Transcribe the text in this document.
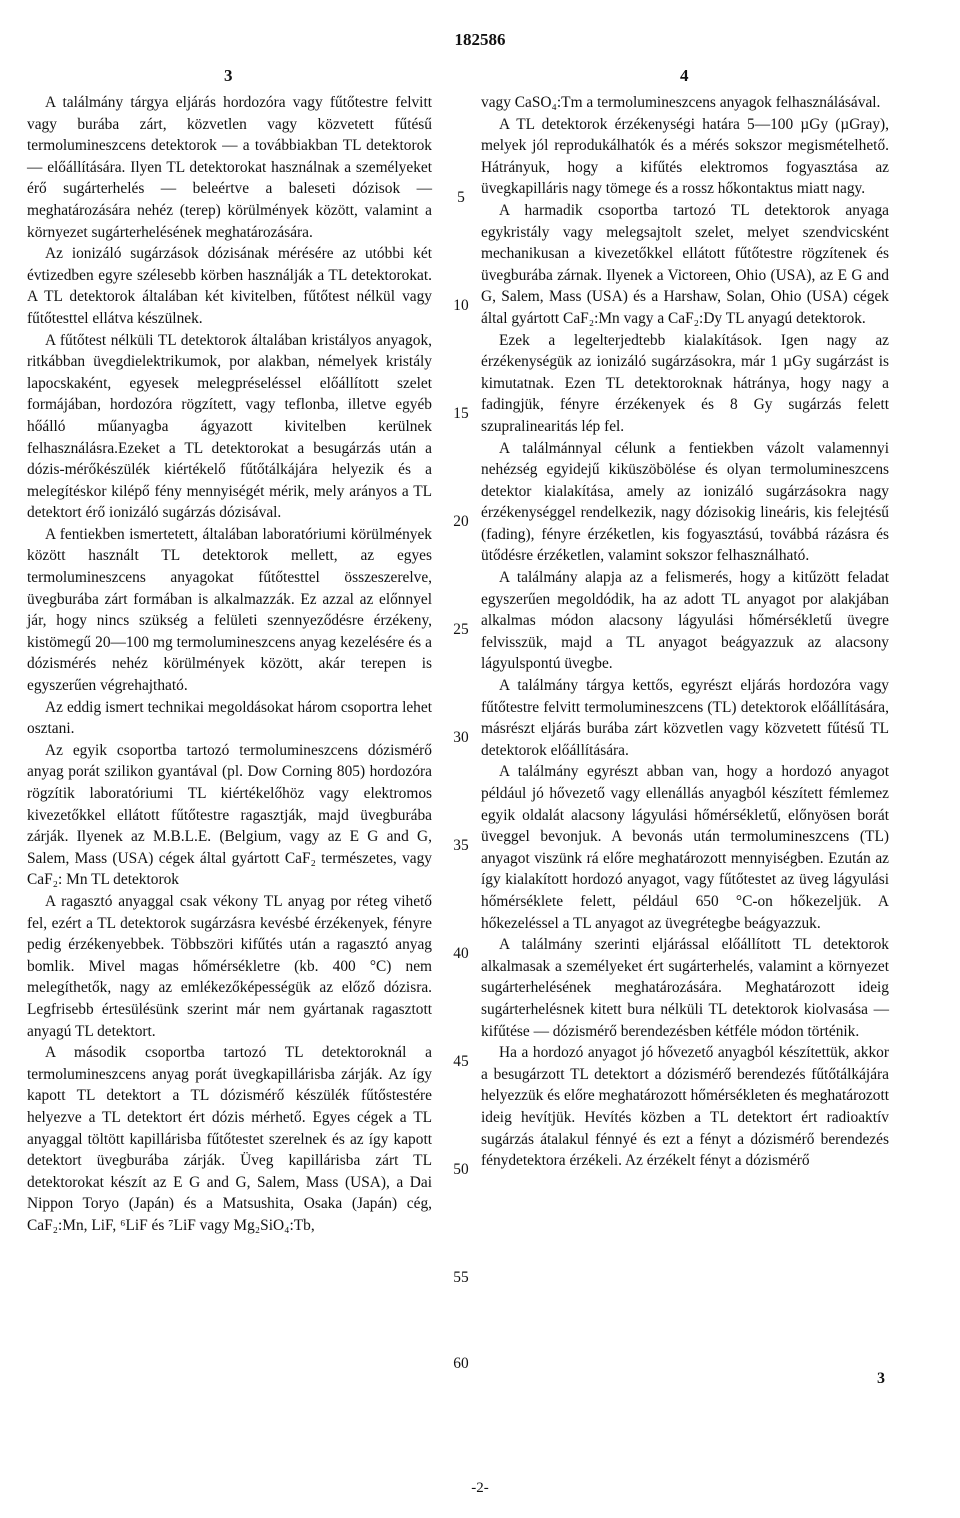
182586
3	4

A találmány tárgya eljárás hordozóra vagy fűtőtestre felvitt vagy burába zárt, közvetlen vagy közvetett fűtésű termolumineszcens detektorok — a továbbiakban TL detektorok — előállítására. Ilyen TL detektorokat használnak a személyeket érő sugárterhelés — beleértve a baleseti dózisok — meghatározására nehéz (terep) körülmények között, valamint a környezet sugárterhelésének meghatározására.

Az ionizáló sugárzások dózisának mérésére az utóbbi két évtizedben egyre szélesebb körben használják a TL detektorokat. A TL detektorok általában két kivitelben, fűtőtest nélkül vagy fűtőtesttel ellátva készülnek.

A fűtőtest nélküli TL detektorok általában kristályos anyagok, ritkábban üvegdielektrikumok, por alakban, némelyek kristály lapocskaként, egyesek melegpréseléssel előállított szelet formájában, hordozóra rögzített, vagy teflonba, illetve egyéb hőálló műanyagba ágyazott kivitelben kerülnek felhasználásra.Ezeket a TL detektorokat a besugárzás után a dózis-mérőkészülék kiértékelő fűtőtálkájára helyezik és a melegítéskor kilépő fény mennyiségét mérik, mely arányos a TL detektort érő ionizáló sugárzás dózisával.

A fentiekben ismertetett, általában laboratóriumi körülmények között használt TL detektorok mellett, az egyes termolumineszcens anyagokat fűtőtesttel összeszerelve, üvegburába zárt formában is alkalmazzák. Ez azzal az előnnyel jár, hogy nincs szükség a felületi szennyeződésre érzékeny, kistömegű 20—100 mg termolumineszcens anyag kezelésére és a dózismérés nehéz körülmények között, akár terepen is egyszerűen végrehajtható.

Az eddig ismert technikai megoldásokat három csoportra lehet osztani.

Az egyik csoportba tartozó termolumineszcens dózismérő anyag porát szilikon gyantával (pl. Dow Corning 805) hordozóra rögzítik laboratóriumi TL kiértékelőhöz vagy elektromos kivezetőkkel ellátott fűtőtestre ragasztják, majd üvegburába zárják. Ilyenek az M.B.L.E. (Belgium, vagy az E G and G, Salem, Mass (USA) cégek által gyártott CaF₂ természetes, vagy CaF₂: Mn TL detektorok

A ragasztó anyaggal csak vékony TL anyag por réteg vihető fel, ezért a TL detektorok sugárzásra kevésbé érzékenyek, fényre pedig érzékenyebbek. Többszöri kifűtés után a ragasztó anyag bomlik. Mivel magas hőmérsékletre (kb. 400 °C) nem melegíthetők, nagy az emlékezőképességük az előző dózisra. Legfrisebb értesülésünk szerint már nem gyártanak ragasztott anyagú TL detektort.

A második csoportba tartozó TL detektoroknál a termolumineszcens anyag porát üvegkapillárisba zárják. Az így kapott TL detektort a TL dózismérő készülék fűtőstestére helyezve a TL detektort ért dózis mérhető. Egyes cégek a TL anyaggal töltött kapillárisba fűtőtestet szerelnek és az így kapott detektort üvegburába zárják. Üveg kapillárisba zárt TL detektorokat készít az E G and G, Salem, Mass (USA), a Dai Nippon Toryo (Japán) és a Matsushita, Osaka (Japán) cég, CaF₂:Mn, LiF, ⁶LiF és ⁷LiF vagy Mg₂SiO₄:Tb,

5
10
15
20
25
30
35
40
45
50
55
60

vagy CaSO₄:Tm a termolumineszcens anyagok felhasználásával.

A TL detektorok érzékenységi határa 5—100 µGy (µGray), melyek jól reprodukálhatók és a mérés sokszor megismételhető. Hátrányuk, hogy a kifűtés elektromos fogyasztása az üvegkapilláris nagy tömege és a rossz hőkontaktus miatt nagy.

A harmadik csoportba tartozó TL detektorok anyaga egykristály vagy melegsajtolt szelet, melyet szendvicsként mechanikusan a kivezetőkkel ellátott fűtőtestre rögzítenek és üvegburába zárnak. Ilyenek a Victoreen, Ohio (USA), az E G and G, Salem, Mass (USA) és a Harshaw, Solan, Ohio (USA) cégek által gyártott CaF₂:Mn vagy a CaF₂:Dy TL anyagú detektorok.

Ezek a legelterjedtebb kialakítások. Igen nagy az érzékenységük az ionizáló sugárzásokra, már 1 µGy sugárzást is kimutatnak. Ezen TL detektoroknak hátránya, hogy nagy a fadingjük, fényre érzékenyek és 8 Gy sugárzás felett szupralinearitás lép fel.

A találmánnyal célunk a fentiekben vázolt valamennyi nehézség egyidejű kiküszöbölése és olyan termolumineszcens detektor kialakítása, amely az ionizáló sugárzásokra nagy érzékenységgel rendelkezik, nagy dózisokig lineáris, kis felejtésű (fading), fényre érzéketlen, kis fogyasztású, továbbá rázásra és ütődésre érzéketlen, valamint sokszor felhasználható.

A találmány alapja az a felismerés, hogy a kitűzött feladat egyszerűen megoldódik, ha az adott TL anyagot por alakjában alkalmas módon alacsony lágyulási hőmérsékletű üvegre felvisszük, majd a TL anyagot beágyazzuk az alacsony lágyulspontú üvegbe.

A találmány tárgya kettős, egyrészt eljárás hordozóra vagy fűtőtestre felvitt termolumineszcens (TL) detektorok előállítására, másrészt eljárás burába zárt közvetlen vagy közvetett fűtésű TL detektorok előállítására.

A találmány egyrészt abban van, hogy a hordozó anyagot például jó hővezető vagy ellenállás anyagból készített fémlemez egyik oldalát alacsony lágyulási hőmérsékletű, előnyösen borát üveggel bevonjuk. A bevonás után termolumineszcens (TL) anyagot viszünk rá előre meghatározott mennyiségben. Ezután az így kialakított hordozó anyagot, vagy fűtőtestet az üveg lágyulási hőmérséklete felett, például 650 °C-on hőkezeljük. A hőkezeléssel a TL anyagot az üvegrétegbe beágyazzuk.

A találmány szerinti eljárással előállított TL detektorok alkalmasak a személyeket ért sugárterhelés, valamint a környezet sugárterhelésének meghatározására. Meghatározott ideig sugárterhelésnek kitett bura nélküli TL detektorok kiolvasása — kifűtése — dózismérő berendezésben kétféle módon történik.

Ha a hordozó anyagot jó hővezető anyagból készítettük, akkor a besugárzott TL detektort a dózismérő berendezés fűtőtálkájára helyezzük és előre meghatározott hőmérsékleten és meghatározott ideig hevítjük. Hevítés közben a TL detektort ért radioaktív sugárzás átalakul fénnyé és ezt a fényt a dózismérő berendezés fénydetektora érzékeli. Az érzékelt fényt a dózismérő

3
-2-
